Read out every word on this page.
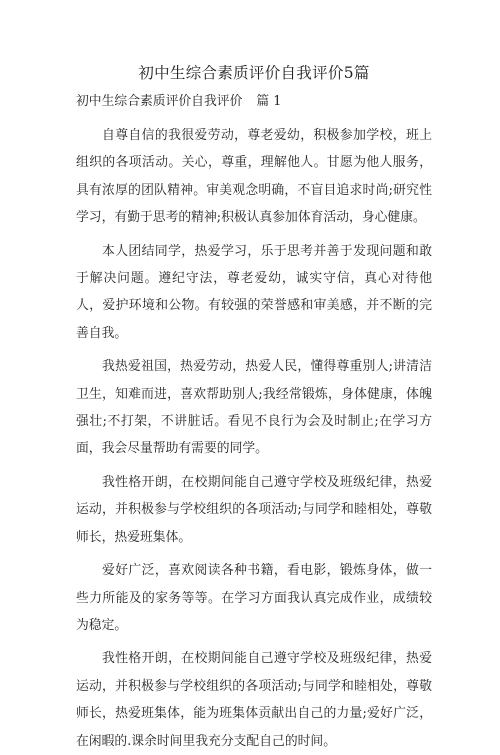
初中生综合素质评价自我评价5篇
初中生综合素质评价自我评价 篇 1

自尊自信的我很爱劳动，尊老爱幼，积极参加学校，班上组织的各项活动。关心，尊重，理解他人。甘愿为他人服务，具有浓厚的团队精神。审美观念明确，不盲目追求时尚;研究性学习，有勤于思考的精神;积极认真参加体育活动，身心健康。

本人团结同学，热爱学习，乐于思考并善于发现问题和敢于解决问题。遵纪守法，尊老爱幼，诚实守信，真心对待他人，爱护环境和公物。有较强的荣誉感和审美感，并不断的完善自我。

我热爱祖国，热爱劳动，热爱人民，懂得尊重别人;讲清洁卫生，知难而进，喜欢帮助别人;我经常锻炼，身体健康，体魄强壮;不打架，不讲脏话。看见不良行为会及时制止;在学习方面，我会尽量帮助有需要的同学。

我性格开朗，在校期间能自己遵守学校及班级纪律，热爱运动，并积极参与学校组织的各项活动;与同学和睦相处，尊敬师长，热爱班集体。

爱好广泛，喜欢阅读各种书籍，看电影，锻炼身体，做一些力所能及的家务等等。在学习方面我认真完成作业，成绩较为稳定。

我性格开朗，在校期间能自己遵守学校及班级纪律，热爱运动，并积极参与学校组织的各项活动;与同学和睦相处，尊敬师长，热爱班集体，能为班集体贡献出自己的力量;爱好广泛，在闲暇的.课余时间里我充分支配自己的时间。
